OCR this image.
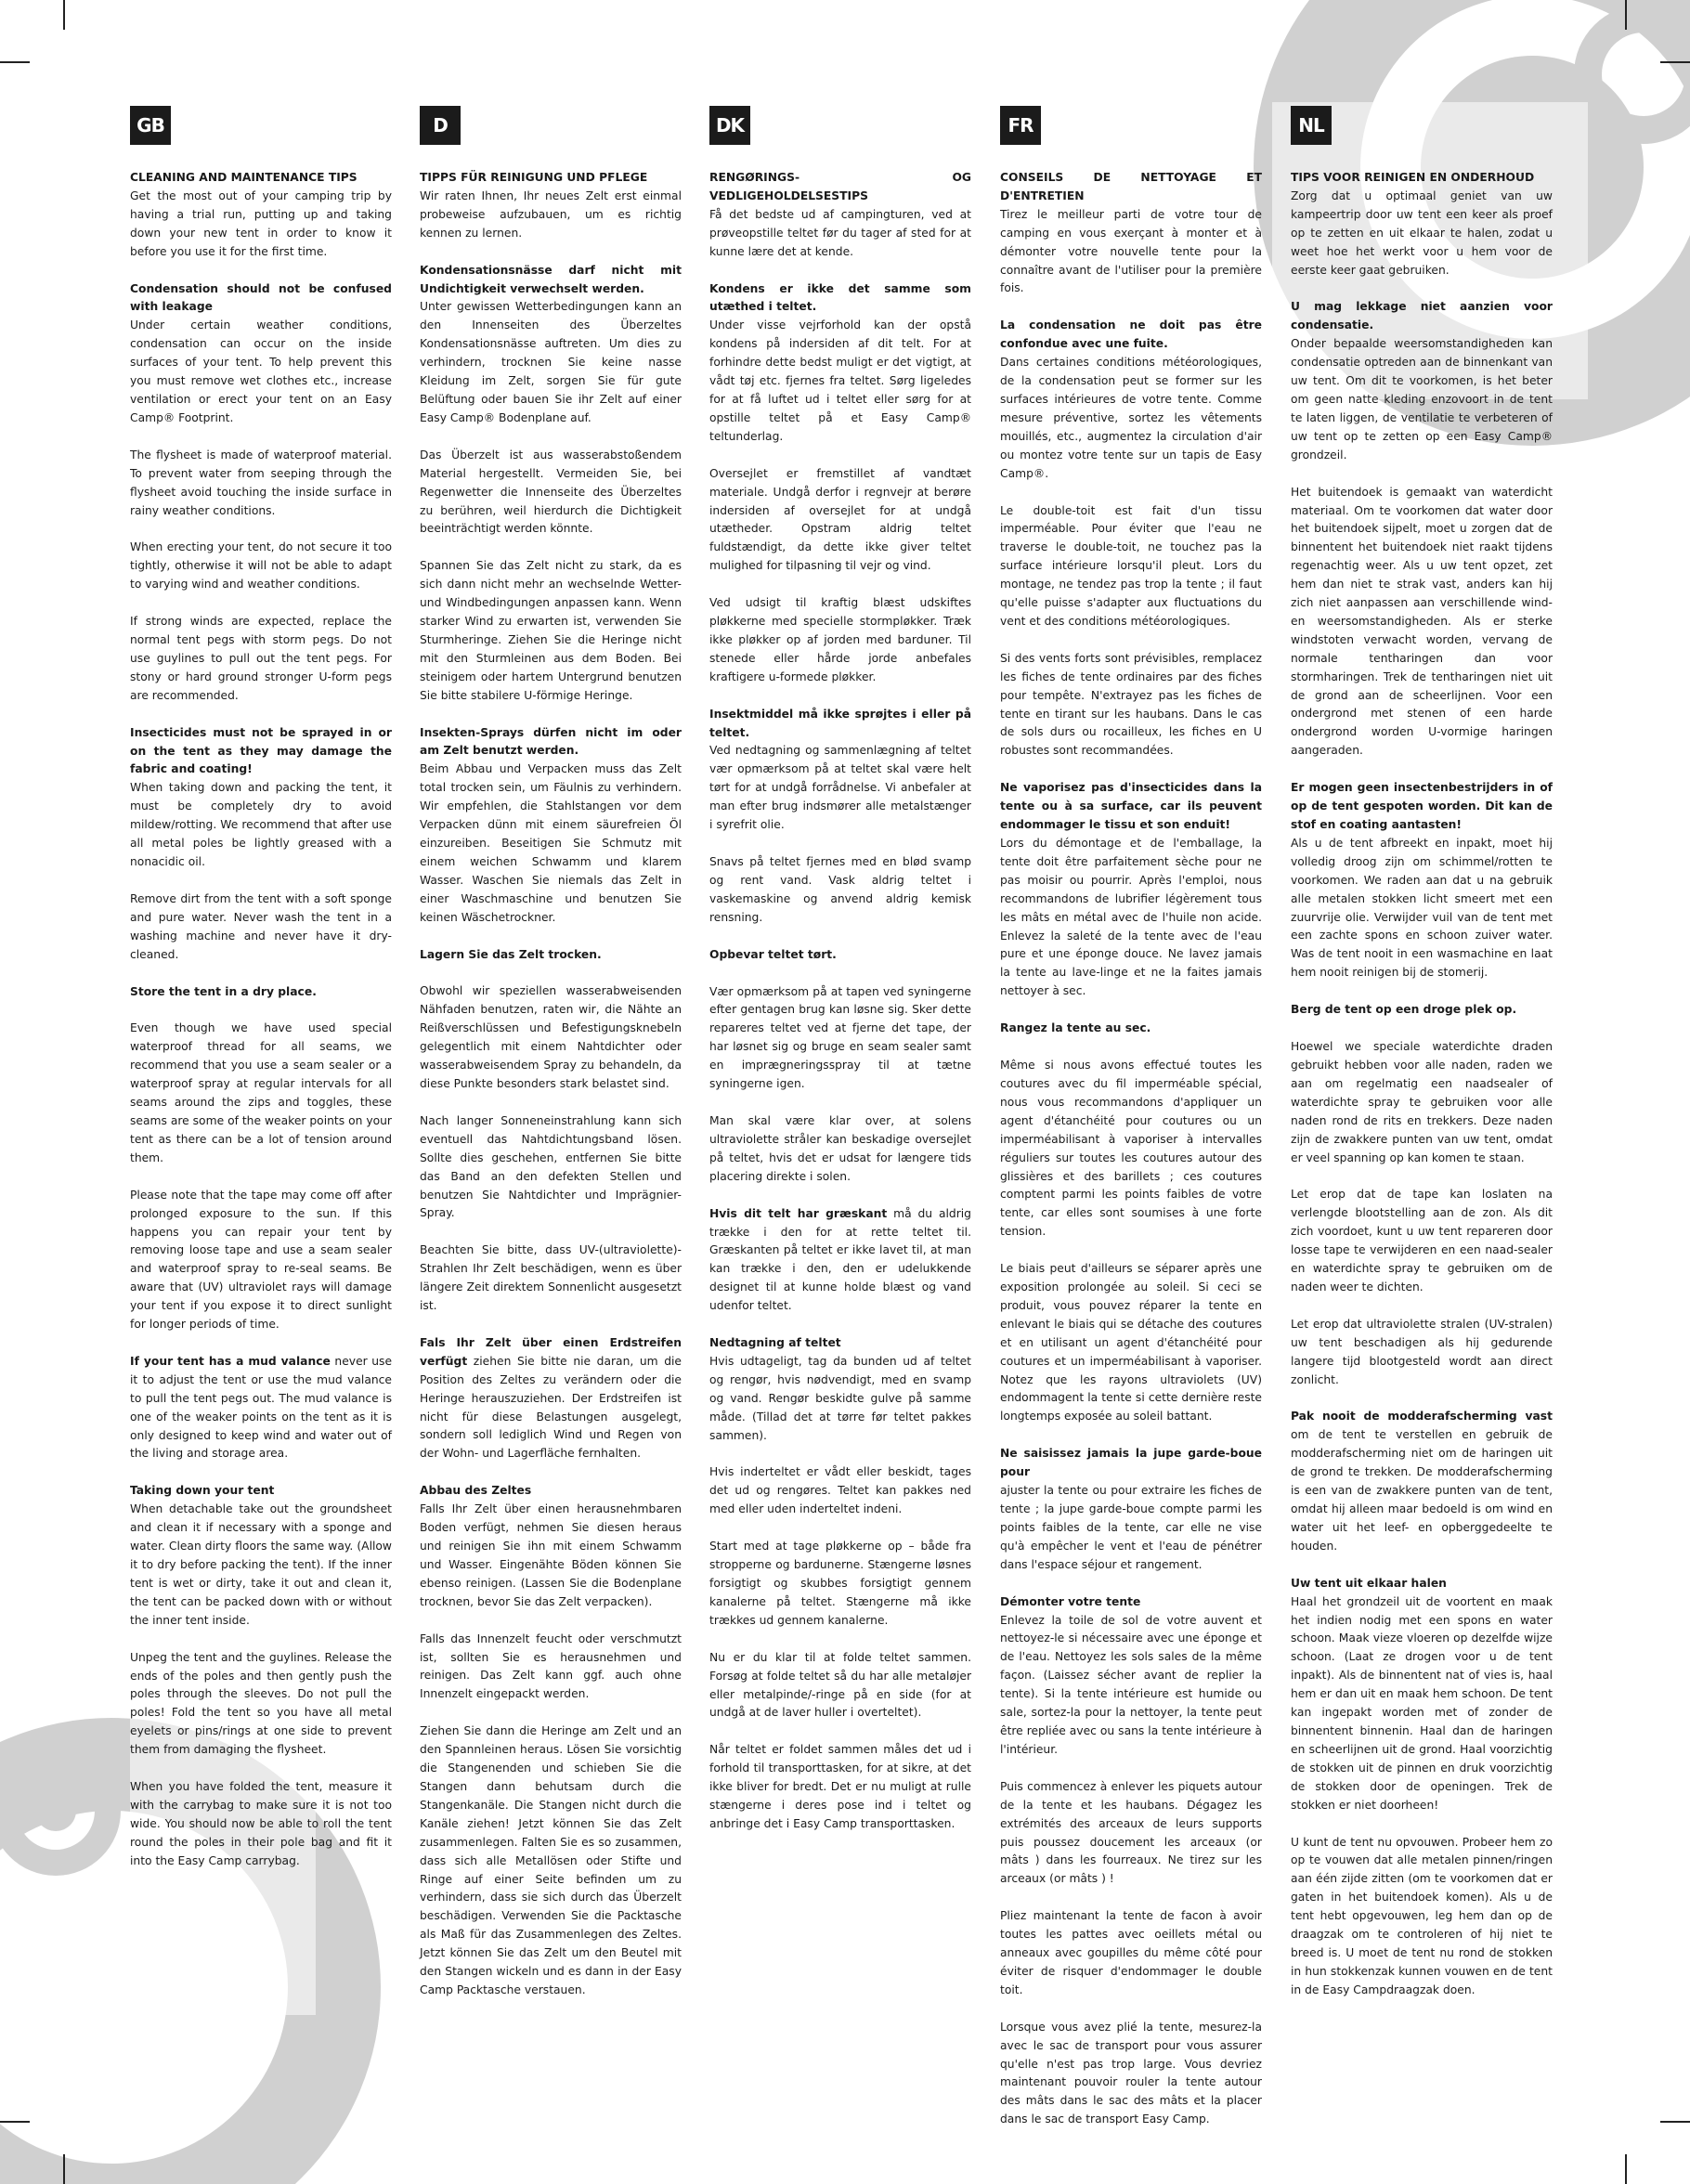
GB

CLEANING AND MAINTENANCE TIPS
Get the most out of your camping trip by having a trial run, putting up and taking down your new tent in order to know it before you use it for the first time.

Condensation should not be confused with leakage
Under certain weather conditions, condensation can occur on the inside surfaces of your tent. To help prevent this you must remove wet clothes etc., increase ventilation or erect your tent on an Easy Camp® Footprint.

The flysheet is made of waterproof material. To prevent water from seeping through the flysheet avoid touching the inside surface in rainy weather conditions.

When erecting your tent, do not secure it too tightly, otherwise it will not be able to adapt to varying wind and weather conditions.

If strong winds are expected, replace the normal tent pegs with storm pegs. Do not use guylines to pull out the tent pegs. For stony or hard ground stronger U-form pegs are recommended.

Insecticides must not be sprayed in or on the tent as they may damage the fabric and coating!
When taking down and packing the tent, it must be completely dry to avoid mildew/rotting. We recommend that after use all metal poles be lightly greased with a nonacidic oil.

Remove dirt from the tent with a soft sponge and pure water. Never wash the tent in a washing machine and never have it dry-cleaned.

Store the tent in a dry place.

Even though we have used special waterproof thread for all seams, we recommend that you use a seam sealer or a waterproof spray at regular intervals for all seams around the zips and toggles, these seams are some of the weaker points on your tent as there can be a lot of tension around them.

Please note that the tape may come off after prolonged exposure to the sun. If this happens you can repair your tent by removing loose tape and use a seam sealer and waterproof spray to re-seal seams. Be aware that (UV) ultraviolet rays will damage your tent if you expose it to direct sunlight for longer periods of time.

If your tent has a mud valance never use it to adjust the tent or use the mud valance to pull the tent pegs out. The mud valance is one of the weaker points on the tent as it is only designed to keep wind and water out of the living and storage area.

Taking down your tent
When detachable take out the groundsheet and clean it if necessary with a sponge and water. Clean dirty floors the same way. (Allow it to dry before packing the tent). If the inner tent is wet or dirty, take it out and clean it, the tent can be packed down with or without the inner tent inside.

Unpeg the tent and the guylines. Release the ends of the poles and then gently push the poles through the sleeves. Do not pull the poles! Fold the tent so you have all metal eyelets or pins/rings at one side to prevent them from damaging the flysheet.

When you have folded the tent, measure it with the carrybag to make sure it is not too wide. You should now be able to roll the tent round the poles in their pole bag and fit it into the Easy Camp carrybag.

D

TIPPS FÜR REINIGUNG UND PFLEGE
Wir raten Ihnen, Ihr neues Zelt erst einmal probeweise aufzubauen, um es richtig kennen zu lernen.

Kondensationsnässe darf nicht mit Undichtigkeit verwechselt werden.
Unter gewissen Wetterbedingungen kann an den Innenseiten des Überzeltes Kondensationsnässe auftreten. Um dies zu verhindern, trocknen Sie keine nasse Kleidung im Zelt, sorgen Sie für gute Belüftung oder bauen Sie ihr Zelt auf einer Easy Camp® Bodenplane auf.

Das Überzelt ist aus wasserabstoßendem Material hergestellt. Vermeiden Sie, bei Regenwetter die Innenseite des Überzeltes zu berühren, weil hierdurch die Dichtigkeit beeinträchtigt werden könnte.

Spannen Sie das Zelt nicht zu stark, da es sich dann nicht mehr an wechselnde Wetter- und Windbedingungen anpassen kann. Wenn starker Wind zu erwarten ist, verwenden Sie Sturmheringe. Ziehen Sie die Heringe nicht mit den Sturmleinen aus dem Boden. Bei steinigem oder hartem Untergrund benutzen Sie bitte stabilere U-förmige Heringe.

Insekten-Sprays dürfen nicht im oder am Zelt benutzt werden.
Beim Abbau und Verpacken muss das Zelt total trocken sein, um Fäulnis zu verhindern. Wir empfehlen, die Stahlstangen vor dem Verpacken dünn mit einem säurefreien Öl einzureiben. Beseitigen Sie Schmutz mit einem weichen Schwamm und klarem Wasser. Waschen Sie niemals das Zelt in einer Waschmaschine und benutzen Sie keinen Wäschetrockner.

Lagern Sie das Zelt trocken.

Obwohl wir speziellen wasserabweisenden Nähfaden benutzen, raten wir, die Nähte an Reißverschlüssen und Befestigungsknebeln gelegentlich mit einem Nahtdichter oder wasserabweisendem Spray zu behandeln, da diese Punkte besonders stark belastet sind.

Nach langer Sonneneinstrahlung kann sich eventuell das Nahtdichtungsband lösen. Sollte dies geschehen, entfernen Sie bitte das Band an den defekten Stellen und benutzen Sie Nahtdichter und Imprägnier-Spray.

Beachten Sie bitte, dass UV-(ultraviolette)-Strahlen Ihr Zelt beschädigen, wenn es über längere Zeit direktem Sonnenlicht ausgesetzt ist.

Fals Ihr Zelt über einen Erdstreifen verfügt ziehen Sie bitte nie daran, um die Position des Zeltes zu verändern oder die Heringe herauszuziehen. Der Erdstreifen ist nicht für diese Belastungen ausgelegt, sondern soll lediglich Wind und Regen von der Wohn- und Lagerfläche fernhalten.

Abbau des Zeltes
Falls Ihr Zelt über einen herausnehmbaren Boden verfügt, nehmen Sie diesen heraus und reinigen Sie ihn mit einem Schwamm und Wasser. Eingenähte Böden können Sie ebenso reinigen. (Lassen Sie die Bodenplane trocknen, bevor Sie das Zelt verpacken).

Falls das Innenzelt feucht oder verschmutzt ist, sollten Sie es herausnehmen und reinigen. Das Zelt kann ggf. auch ohne Innenzelt eingepackt werden.

Ziehen Sie dann die Heringe am Zelt und an den Spannleinen heraus. Lösen Sie vorsichtig die Stangenenden und schieben Sie die Stangen dann behutsam durch die Stangenkanäle. Die Stangen nicht durch die Kanäle ziehen! Jetzt können Sie das Zelt zusammenlegen. Falten Sie es so zusammen, dass sich alle Metallösen oder Stifte und Ringe auf einer Seite befinden um zu verhindern, dass sie sich durch das Überzelt beschädigen. Verwenden Sie die Packtasche als Maß für das Zusammenlegen des Zeltes. Jetzt können Sie das Zelt um den Beutel mit den Stangen wickeln und es dann in der Easy Camp Packtasche verstauen.

DK

RENGØRINGS- OG VEDLIGEHOLDELSESTIPS
Få det bedste ud af campingturen, ved at prøveopstille teltet før du tager af sted for at kunne lære det at kende.

Kondens er ikke det samme som utæthed i teltet.
Under visse vejrforhold kan der opstå kondens på indersiden af dit telt. For at forhindre dette bedst muligt er det vigtigt, at vådt tøj etc. fjernes fra teltet. Sørg ligeledes for at få luftet ud i teltet eller sørg for at opstille teltet på et Easy Camp® teltunderlag.

Oversejlet er fremstillet af vandtæt materiale. Undgå derfor i regnvejr at berøre indersiden af oversejlet for at undgå utætheder. Opstram aldrig teltet fuldstændigt, da dette ikke giver teltet mulighed for tilpasning til vejr og vind.

Ved udsigt til kraftig blæst udskiftes pløkkerne med specielle stormpløkker. Træk ikke pløkker op af jorden med barduner. Til stenede eller hårde jorde anbefales kraftigere u-formede pløkker.

Insektmiddel må ikke sprøjtes i eller på teltet.
Ved nedtagning og sammenlægning af teltet vær opmærksom på at teltet skal være helt tørt for at undgå forrådnelse. Vi anbefaler at man efter brug indsmører alle metalstænger i syrefrit olie.

Snavs på teltet fjernes med en blød svamp og rent vand. Vask aldrig teltet i vaskemaskine og anvend aldrig kemisk rensning.

Opbevar teltet tørt.

Vær opmærksom på at tapen ved syningerne efter gentagen brug kan løsne sig. Sker dette repareres teltet ved at fjerne det tape, der har løsnet sig og bruge en seam sealer samt en imprægneringsspray til at tætne syningerne igen.

Man skal være klar over, at solens ultraviolette stråler kan beskadige oversejlet på teltet, hvis det er udsat for længere tids placering direkte i solen.

Hvis dit telt har græskant må du aldrig trække i den for at rette teltet til. Græskanten på teltet er ikke lavet til, at man kan trække i den, den er udelukkende designet til at kunne holde blæst og vand udenfor teltet.

Nedtagning af teltet
Hvis udtageligt, tag da bunden ud af teltet og rengør, hvis nødvendigt, med en svamp og vand. Rengør beskidte gulve på samme måde. (Tillad det at tørre før teltet pakkes sammen).

Hvis inderteltet er vådt eller beskidt, tages det ud og rengøres. Teltet kan pakkes ned med eller uden inderteltet indeni.

Start med at tage pløkkerne op – både fra stropperne og bardunerne. Stængerne løsnes forsigtigt og skubbes forsigtigt gennem kanalerne på teltet. Stængerne må ikke trækkes ud gennem kanalerne.

Nu er du klar til at folde teltet sammen. Forsøg at folde teltet så du har alle metaløjer eller metalpinde/-ringe på en side (for at undgå at de laver huller i overteltet).

Når teltet er foldet sammen måles det ud i forhold til transporttasken, for at sikre, at det ikke bliver for bredt. Det er nu muligt at rulle stængerne i deres pose ind i teltet og anbringe det i Easy Camp transporttasken.

FR

CONSEILS DE NETTOYAGE ET D'ENTRETIEN
Tirez le meilleur parti de votre tour de camping en vous exerçant à monter et à démonter votre nouvelle tente pour la connaître avant de l'utiliser pour la première fois.

La condensation ne doit pas être confondue avec une fuite.
Dans certaines conditions météorologiques, de la condensation peut se former sur les surfaces intérieures de votre tente. Comme mesure préventive, sortez les vêtements mouillés, etc., augmentez la circulation d'air ou montez votre tente sur un tapis de Easy Camp®.

Le double-toit est fait d'un tissu imperméable. Pour éviter que l'eau ne traverse le double-toit, ne touchez pas la surface intérieure lorsqu'il pleut. Lors du montage, ne tendez pas trop la tente ; il faut qu'elle puisse s'adapter aux fluctuations du vent et des conditions météorologiques.

Si des vents forts sont prévisibles, remplacez les fiches de tente ordinaires par des fiches pour tempête. N'extrayez pas les fiches de tente en tirant sur les haubans. Dans le cas de sols durs ou rocailleux, les fiches en U robustes sont recommandées.

Ne vaporisez pas d'insecticides dans la tente ou à sa surface, car ils peuvent endommager le tissu et son enduit!
Lors du démontage et de l'emballage, la tente doit être parfaitement sèche pour ne pas moisir ou pourrir. Après l'emploi, nous recommandons de lubrifier légèrement tous les mâts en métal avec de l'huile non acide. Enlevez la saleté de la tente avec de l'eau pure et une éponge douce. Ne lavez jamais la tente au lave-linge et ne la faites jamais nettoyer à sec.

Rangez la tente au sec.

Même si nous avons effectué toutes les coutures avec du fil imperméable spécial, nous vous recommandons d'appliquer un agent d'étanchéité pour coutures ou un imperméabilisant à vaporiser à intervalles réguliers sur toutes les coutures autour des glissières et des barillets ; ces coutures comptent parmi les points faibles de votre tente, car elles sont soumises à une forte tension.

Le biais peut d'ailleurs se séparer après une exposition prolongée au soleil. Si ceci se produit, vous pouvez réparer la tente en enlevant le biais qui se détache des coutures et en utilisant un agent d'étanchéité pour coutures et un imperméabilisant à vaporiser. Notez que les rayons ultraviolets (UV) endommagent la tente si cette dernière reste longtemps exposée au soleil battant.

Ne saisissez jamais la jupe garde-boue pour
ajuster la tente ou pour extraire les fiches de tente ; la jupe garde-boue compte parmi les points faibles de la tente, car elle ne vise qu'à empêcher le vent et l'eau de pénétrer dans l'espace séjour et rangement.

Démonter votre tente
Enlevez la toile de sol de votre auvent et nettoyez-le si nécessaire avec une éponge et de l'eau. Nettoyez les sols sales de la même façon. (Laissez sécher avant de replier la tente). Si la tente intérieure est humide ou sale, sortez-la pour la nettoyer, la tente peut être repliée avec ou sans la tente intérieure à l'intérieur.

Puis commencez à enlever les piquets autour de la tente et les haubans. Dégagez les extrémités des arceaux de leurs supports puis poussez doucement les arceaux (or mâts ) dans les fourreaux. Ne tirez sur les arceaux (or mâts ) !

Pliez maintenant la tente de facon à avoir toutes les pattes avec oeillets métal ou anneaux avec goupilles du même côté pour éviter de risquer d'endommager le double toit.

Lorsque vous avez plié la tente, mesurez-la avec le sac de transport pour vous assurer qu'elle n'est pas trop large. Vous devriez maintenant pouvoir rouler la tente autour des mâts dans le sac des mâts et la placer dans le sac de transport Easy Camp.

NL

TIPS VOOR REINIGEN EN ONDERHOUD
Zorg dat u optimaal geniet van uw kampeertrip door uw tent een keer als proef op te zetten en uit elkaar te halen, zodat u weet hoe het werkt voor u hem voor de eerste keer gaat gebruiken.

U mag lekkage niet aanzien voor condensatie.
Onder bepaalde weersomstandigheden kan condensatie optreden aan de binnenkant van uw tent. Om dit te voorkomen, is het beter om geen natte kleding enzovoort in de tent te laten liggen, de ventilatie te verbeteren of uw tent op te zetten op een Easy Camp® grondzeil.

Het buitendoek is gemaakt van waterdicht materiaal. Om te voorkomen dat water door het buitendoek sijpelt, moet u zorgen dat de binnentent het buitendoek niet raakt tijdens regenachtig weer. Als u uw tent opzet, zet hem dan niet te strak vast, anders kan hij zich niet aanpassen aan verschillende wind- en weersomstandigheden. Als er sterke windstoten verwacht worden, vervang de normale tentharingen dan voor stormharingen. Trek de tentharingen niet uit de grond aan de scheerlijnen. Voor een ondergrond met stenen of een harde ondergrond worden U-vormige haringen aangeraden.

Er mogen geen insectenbestrijders in of op de tent gespoten worden. Dit kan de stof en coating aantasten!
Als u de tent afbreekt en inpakt, moet hij volledig droog zijn om schimmel/rotten te voorkomen. We raden aan dat u na gebruik alle metalen stokken licht smeert met een zuurvrije olie. Verwijder vuil van de tent met een zachte spons en schoon zuiver water. Was de tent nooit in een wasmachine en laat hem nooit reinigen bij de stomerij.

Berg de tent op een droge plek op.

Hoewel we speciale waterdichte draden gebruikt hebben voor alle naden, raden we aan om regelmatig een naadsealer of waterdichte spray te gebruiken voor alle naden rond de rits en trekkers. Deze naden zijn de zwakkere punten van uw tent, omdat er veel spanning op kan komen te staan.

Let erop dat de tape kan loslaten na verlengde blootstelling aan de zon. Als dit zich voordoet, kunt u uw tent repareren door losse tape te verwijderen en een naad-sealer en waterdichte spray te gebruiken om de naden weer te dichten.

Let erop dat ultraviolette stralen (UV-stralen) uw tent beschadigen als hij gedurende langere tijd blootgesteld wordt aan direct zonlicht.

Pak nooit de modderafscherming vast om de tent te verstellen en gebruik de modderafscherming niet om de haringen uit de grond te trekken. De modderafscherming is een van de zwakkere punten van de tent, omdat hij alleen maar bedoeld is om wind en water uit het leef- en opberggedeelte te houden.

Uw tent uit elkaar halen
Haal het grondzeil uit de voortent en maak het indien nodig met een spons en water schoon. Maak vieze vloeren op dezelfde wijze schoon. (Laat ze drogen voor u de tent inpakt). Als de binnentent nat of vies is, haal hem er dan uit en maak hem schoon. De tent kan ingepakt worden met of zonder de binnentent binnenin. Haal dan de haringen en scheerlijnen uit de grond. Haal voorzichtig de stokken uit de pinnen en druk voorzichtig de stokken door de openingen. Trek de stokken er niet doorheen!

U kunt de tent nu opvouwen. Probeer hem zo op te vouwen dat alle metalen pinnen/ringen aan één zijde zitten (om te voorkomen dat er gaten in het buitendoek komen). Als u de tent hebt opgevouwen, leg hem dan op de draagzak om te controleren of hij niet te breed is. U moet de tent nu rond de stokken in hun stokkenzak kunnen vouwen en de tent in de Easy Campdraagzak doen.
